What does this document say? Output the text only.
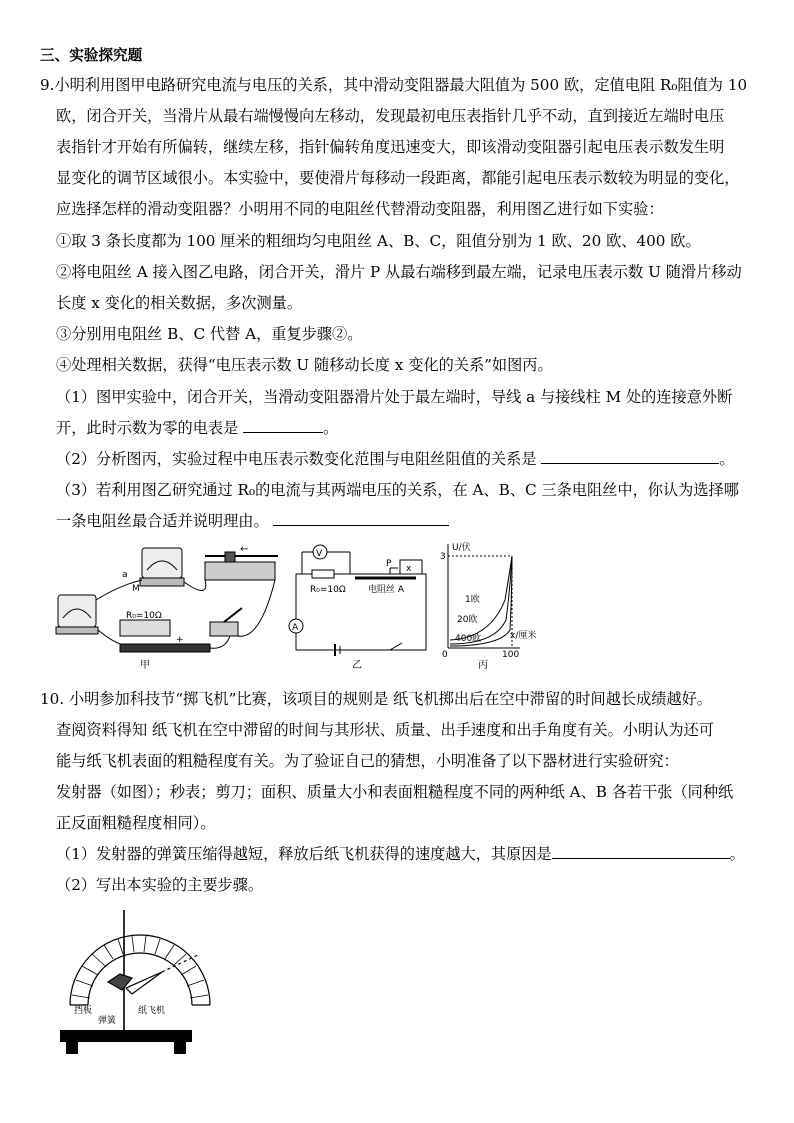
三、实验探究题
9.小明利用图甲电路研究电流与电压的关系，其中滑动变阻器最大阻值为 500 欧，定值电阻 R₀阻值为 10
欧，闭合开关，当滑片从最右端慢慢向左移动，发现最初电压表指针几乎不动，直到接近左端时电压
表指针才开始有所偏转，继续左移，指针偏转角度迅速变大，即该滑动变阻器引起电压表示数发生明
显变化的调节区域很小。本实验中，要使滑片每移动一段距离，都能引起电压表示数较为明显的变化，
应选择怎样的滑动变阻器？小明用不同的电阻丝代替滑动变阻器，利用图乙进行如下实验：
①取 3 条长度都为 100 厘米的粗细均匀电阻丝 A、B、C，阻值分别为 1 欧、20 欧、400 欧。
②将电阻丝 A 接入图乙电路，闭合开关，滑片 P 从最右端移到最左端，记录电压表示数 U 随滑片移动
长度 x 变化的相关数据，多次测量。
③分别用电阻丝 B、C 代替 A，重复步骤②。
④处理相关数据，获得“电压表示数 U 随移动长度 x 变化的关系”如图丙。
（1）图甲实验中，闭合开关，当滑动变阻器滑片处于最左端时，导线 a 与接线柱 M 处的连接意外断
开，此时示数为零的电表是	。
（2）分析图丙，实验过程中电压表示数变化范围与电阻丝阻值的关系是	。
（3）若利用图乙研究通过 R₀的电流与其两端电压的关系，在 A、B、C 三条电阻丝中，你认为选择哪
一条电阻丝最合适并说明理由。
a
M
R₀=10Ω
←
+
甲
V
A
P x
R₀=10Ω 电阻丝 A
乙
U/伏
3
1欧
20欧
400欧	x/厘米
0	100
丙
10. 小明参加科技节“掷飞机”比赛，该项目的规则是 纸飞机掷出后在空中滞留的时间越长成绩越好。
查阅资料得知 纸飞机在空中滞留的时间与其形状、质量、出手速度和出手角度有关。小明认为还可
能与纸飞机表面的粗糙程度有关。为了验证自己的猜想，小明准备了以下器材进行实验研究：
发射器（如图）；秒表；剪刀；面积、质量大小和表面粗糙程度不同的两种纸 A、B 各若干张（同种纸
正反面粗糙程度相同）。
（1）发射器的弹簧压缩得越短，释放后纸飞机获得的速度越大，其原因是	。
（2）写出本实验的主要步骤。
挡板
弹簧
纸飞机
